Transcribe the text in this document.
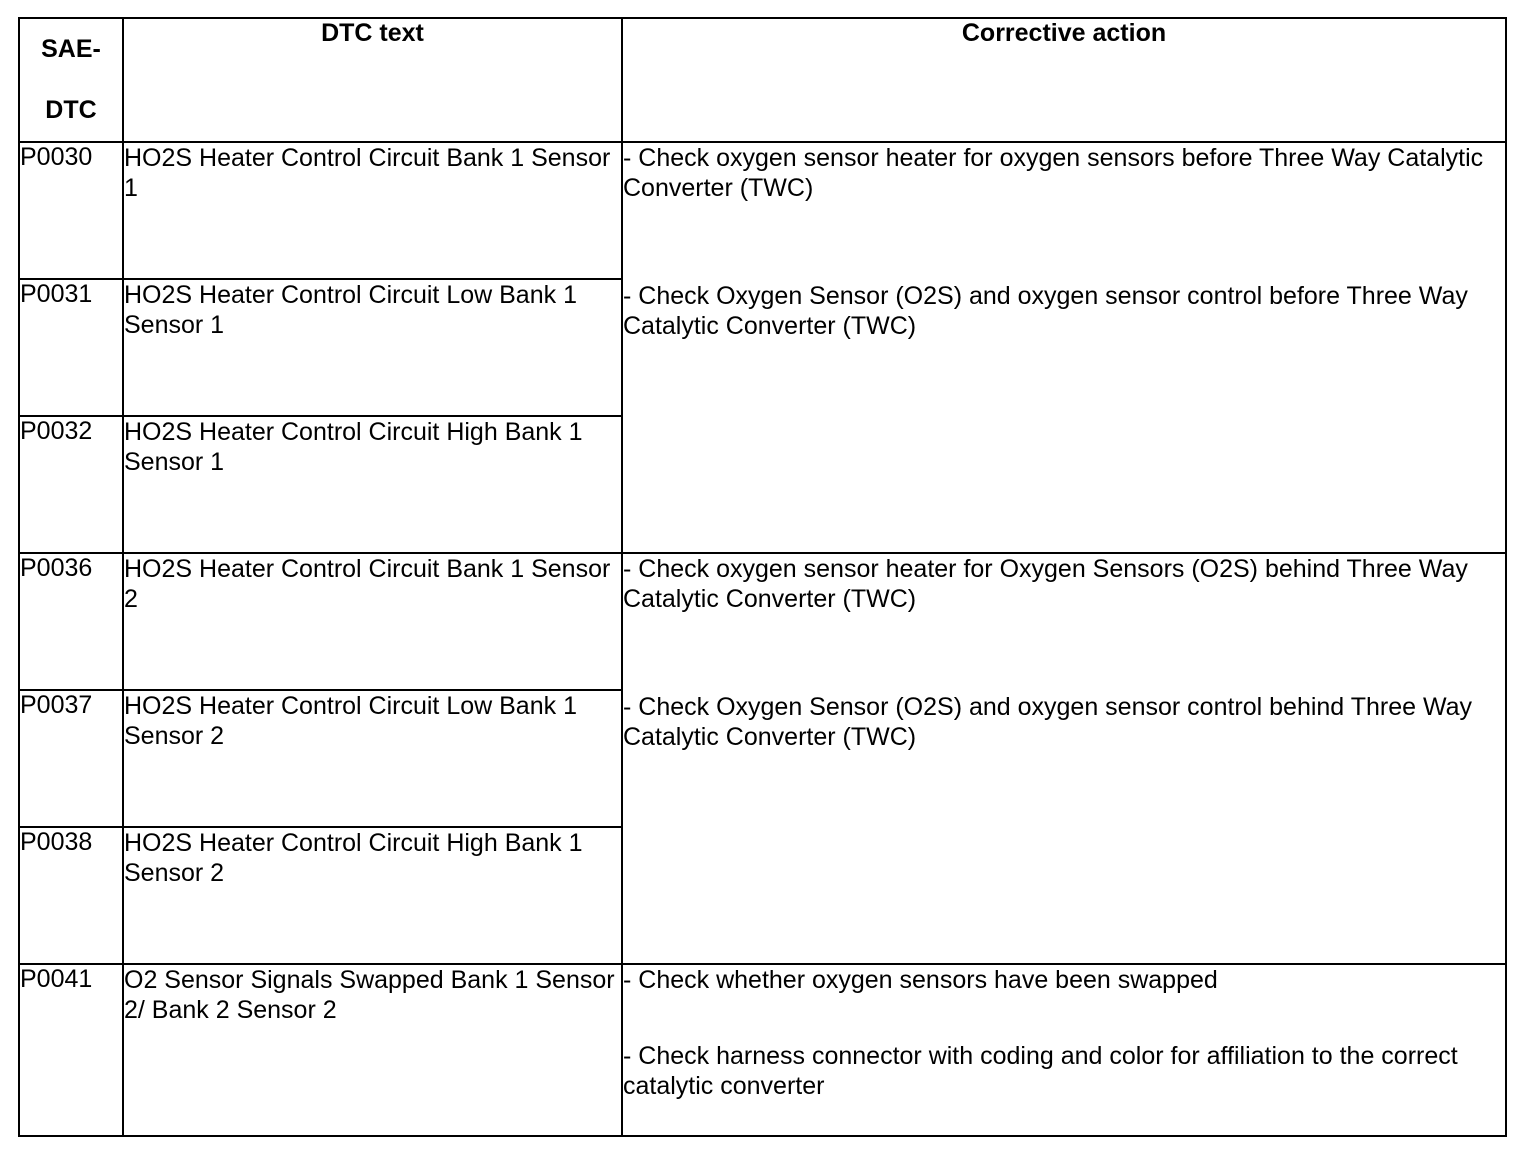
SAE-
DTC	DTC text	Corrective action
P0030	HO2S Heater Control Circuit Bank 1 Sensor 1	- Check oxygen sensor heater for oxygen sensors before Three Way Catalytic Converter (TWC)

- Check Oxygen Sensor (O2S) and oxygen sensor control before Three Way Catalytic Converter (TWC)

P0031	HO2S Heater Control Circuit Low Bank 1 Sensor 1	
P0032	HO2S Heater Control Circuit High Bank 1 Sensor 1	
P0036	HO2S Heater Control Circuit Bank 1 Sensor 2	- Check oxygen sensor heater for Oxygen Sensors (O2S) behind Three Way Catalytic Converter (TWC)

- Check Oxygen Sensor (O2S) and oxygen sensor control behind Three Way Catalytic Converter (TWC)

P0037	HO2S Heater Control Circuit Low Bank 1 Sensor 2	
P0038	HO2S Heater Control Circuit High Bank 1 Sensor 2	
P0041	O2 Sensor Signals Swapped Bank 1 Sensor 2/ Bank 2 Sensor 2	- Check whether oxygen sensors have been swapped

- Check harness connector with coding and color for affiliation to the correct catalytic converter
